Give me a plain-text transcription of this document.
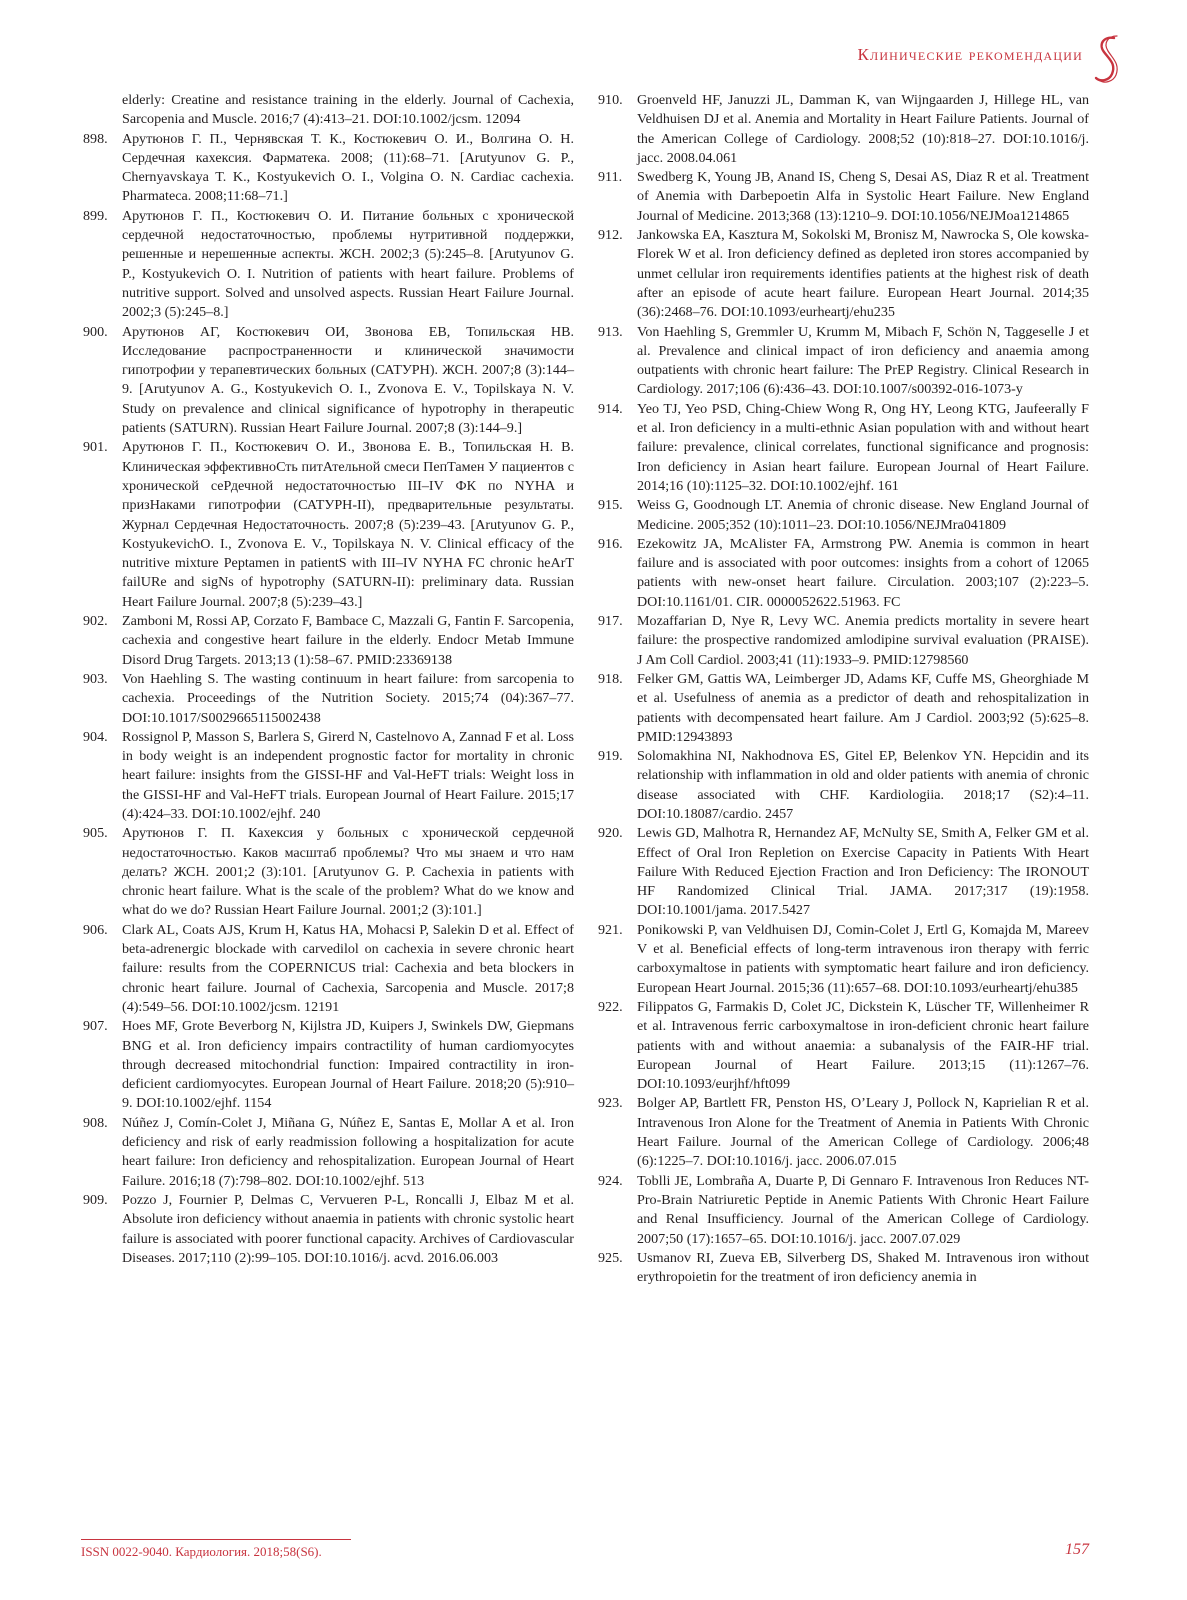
Клинические рекомендации

elderly: Creatine and resistance training in the elderly. Journal of Cachexia, Sarcopenia and Muscle. 2016;7 (4):413–21. DOI:10.1002/jcsm. 12094

898. Арутюнов Г. П., Чернявская Т. К., Костюкевич О. И., Волгина О. Н. Сердечная кахексия. Фарматека. 2008; (11):68–71. [Arutyunov G. P., Chernyavskaya T. K., Kostyukevich O. I., Volgina O. N. Cardiac cachexia. Pharmateca. 2008;11:68–71.]

899. Арутюнов Г. П., Костюкевич О. И. Питание больных с хронической сердечной недостаточностью, проблемы нутритивной поддержки, решенные и нерешенные аспекты. ЖСН. 2002;3 (5):245–8. [Arutyunov G. P., Kostyukevich O. I. Nutrition of patients with heart failure. Problems of nutritive support. Solved and unsolved aspects. Russian Heart Failure Journal. 2002;3 (5):245–8.]

900. Арутюнов АГ, Костюкевич ОИ, Звонова ЕВ, Топильская НВ. Исследование распространенности и клинической значимости гипотрофии у терапевтических больных (САТУРН). ЖСН. 2007;8 (3):144–9. [Arutyunov A. G., Kostyukevich O. I., Zvonova E. V., Topilskaya N. V. Study on prevalence and clinical significance of hypotrophy in therapeutic patients (SATURN). Russian Heart Failure Journal. 2007;8 (3):144–9.]

901. Арутюнов Г. П., Костюкевич О. И., Звонова Е. В., Топильская Н. В. Клиническая эффективноСть питАтельной смеси ПепТамен У пациентов с хронической сеРдечной недостаточностью III–IV ФК по NYHA и призНаками гипотрофии (САТУРН-II), предварительные результаты. Журнал Сердечная Недостаточность. 2007;8 (5):239–43. [Arutyunov G. P., KostyukevichO. I., Zvonova E. V., Topilskaya N. V. Clinical efficacy of the nutritive mixture Peptamen in patientS with III–IV NYHA FC chronic heArT failURe and sigNs of hypotrophy (SATURN-II): preliminary data. Russian Heart Failure Journal. 2007;8 (5):239–43.]

902. Zamboni M, Rossi AP, Corzato F, Bambace C, Mazzali G, Fantin F. Sarcopenia, cachexia and congestive heart failure in the elderly. Endocr Metab Immune Disord Drug Targets. 2013;13 (1):58–67. PMID:23369138

903. Von Haehling S. The wasting continuum in heart failure: from sarcopenia to cachexia. Proceedings of the Nutrition Society. 2015;74 (04):367–77. DOI:10.1017/S0029665115002438

904. Rossignol P, Masson S, Barlera S, Girerd N, Castelnovo A, Zannad F et al. Loss in body weight is an independent prognostic factor for mortality in chronic heart failure: insights from the GISSI-HF and Val-HeFT trials: Weight loss in the GISSI-HF and Val-HeFT trials. European Journal of Heart Failure. 2015;17 (4):424–33. DOI:10.1002/ejhf. 240

905. Арутюнов Г. П. Кахексия у больных с хронической сердечной недостаточностью. Каков масштаб проблемы? Что мы знаем и что нам делать? ЖСН. 2001;2 (3):101. [Arutyunov G. P. Cachexia in patients with chronic heart failure. What is the scale of the problem? What do we know and what do we do? Russian Heart Failure Journal. 2001;2 (3):101.]

906. Clark AL, Coats AJS, Krum H, Katus HA, Mohacsi P, Salekin D et al. Effect of beta-adrenergic blockade with carvedilol on cachexia in severe chronic heart failure: results from the COPERNICUS trial: Cachexia and beta blockers in chronic heart failure. Journal of Cachexia, Sarcopenia and Muscle. 2017;8 (4):549–56. DOI:10.1002/jcsm. 12191

907. Hoes MF, Grote Beverborg N, Kijlstra JD, Kuipers J, Swinkels DW, Giepmans BNG et al. Iron deficiency impairs contractility of human cardiomyocytes through decreased mitochondrial function: Impaired contractility in iron-deficient cardiomyocytes. European Journal of Heart Failure. 2018;20 (5):910–9. DOI:10.1002/ejhf. 1154

908. Núñez J, Comín-Colet J, Miñana G, Núñez E, Santas E, Mollar A et al. Iron deficiency and risk of early readmission following a hospitalization for acute heart failure: Iron deficiency and rehospitalization. European Journal of Heart Failure. 2016;18 (7):798–802. DOI:10.1002/ejhf. 513

909. Pozzo J, Fournier P, Delmas C, Vervueren P-L, Roncalli J, Elbaz M et al. Absolute iron deficiency without anaemia in patients with chronic systolic heart failure is associated with poorer functional capacity. Archives of Cardiovascular Diseases. 2017;110 (2):99–105. DOI:10.1016/j. acvd. 2016.06.003

910. Groenveld HF, Januzzi JL, Damman K, van Wijngaarden J, Hillege HL, van Veldhuisen DJ et al. Anemia and Mortality in Heart Failure Patients. Journal of the American College of Cardiology. 2008;52 (10):818–27. DOI:10.1016/j. jacc. 2008.04.061

911. Swedberg K, Young JB, Anand IS, Cheng S, Desai AS, Diaz R et al. Treatment of Anemia with Darbepoetin Alfa in Systolic Heart Failure. New England Journal of Medicine. 2013;368 (13):1210–9. DOI:10.1056/NEJMoa1214865

912. Jankowska EA, Kasztura M, Sokolski M, Bronisz M, Nawrocka S, Ole kowska-Florek W et al. Iron deficiency defined as depleted iron stores accompanied by unmet cellular iron requirements identifies patients at the highest risk of death after an episode of acute heart failure. European Heart Journal. 2014;35 (36):2468–76. DOI:10.1093/eurheartj/ehu235

913. Von Haehling S, Gremmler U, Krumm M, Mibach F, Schön N, Taggeselle J et al. Prevalence and clinical impact of iron deficiency and anaemia among outpatients with chronic heart failure: The PrEP Registry. Clinical Research in Cardiology. 2017;106 (6):436–43. DOI:10.1007/s00392-016-1073-y

914. Yeo TJ, Yeo PSD, Ching-Chiew Wong R, Ong HY, Leong KTG, Jaufeerally F et al. Iron deficiency in a multi-ethnic Asian population with and without heart failure: prevalence, clinical correlates, functional significance and prognosis: Iron deficiency in Asian heart failure. European Journal of Heart Failure. 2014;16 (10):1125–32. DOI:10.1002/ejhf. 161

915. Weiss G, Goodnough LT. Anemia of chronic disease. New England Journal of Medicine. 2005;352 (10):1011–23. DOI:10.1056/NEJMra041809

916. Ezekowitz JA, McAlister FA, Armstrong PW. Anemia is common in heart failure and is associated with poor outcomes: insights from a cohort of 12065 patients with new-onset heart failure. Circulation. 2003;107 (2):223–5. DOI:10.1161/01. CIR. 0000052622.51963. FC

917. Mozaffarian D, Nye R, Levy WC. Anemia predicts mortality in severe heart failure: the prospective randomized amlodipine survival evaluation (PRAISE). J Am Coll Cardiol. 2003;41 (11):1933–9. PMID:12798560

918. Felker GM, Gattis WA, Leimberger JD, Adams KF, Cuffe MS, Gheorghiade M et al. Usefulness of anemia as a predictor of death and rehospitalization in patients with decompensated heart failure. Am J Cardiol. 2003;92 (5):625–8. PMID:12943893

919. Solomakhina NI, Nakhodnova ES, Gitel EP, Belenkov YN. Hepcidin and its relationship with inflammation in old and older patients with anemia of chronic disease associated with CHF. Kardiologiia. 2018;17 (S2):4–11. DOI:10.18087/cardio. 2457

920. Lewis GD, Malhotra R, Hernandez AF, McNulty SE, Smith A, Felker GM et al. Effect of Oral Iron Repletion on Exercise Capacity in Patients With Heart Failure With Reduced Ejection Fraction and Iron Deficiency: The IRONOUT HF Randomized Clinical Trial. JAMA. 2017;317 (19):1958. DOI:10.1001/jama. 2017.5427

921. Ponikowski P, van Veldhuisen DJ, Comin-Colet J, Ertl G, Komajda M, Mareev V et al. Beneficial effects of long-term intravenous iron therapy with ferric carboxymaltose in patients with symptomatic heart failure and iron deficiency. European Heart Journal. 2015;36 (11):657–68. DOI:10.1093/eurheartj/ehu385

922. Filippatos G, Farmakis D, Colet JC, Dickstein K, Lüscher TF, Willenheimer R et al. Intravenous ferric carboxymaltose in iron-deficient chronic heart failure patients with and without anaemia: a subanalysis of the FAIR-HF trial. European Journal of Heart Failure. 2013;15 (11):1267–76. DOI:10.1093/eurjhf/hft099

923. Bolger AP, Bartlett FR, Penston HS, O’Leary J, Pollock N, Kaprielian R et al. Intravenous Iron Alone for the Treatment of Anemia in Patients With Chronic Heart Failure. Journal of the American College of Cardiology. 2006;48 (6):1225–7. DOI:10.1016/j. jacc. 2006.07.015

924. Toblli JE, Lombraña A, Duarte P, Di Gennaro F. Intravenous Iron Reduces NT-Pro-Brain Natriuretic Peptide in Anemic Patients With Chronic Heart Failure and Renal Insufficiency. Journal of the American College of Cardiology. 2007;50 (17):1657–65. DOI:10.1016/j. jacc. 2007.07.029

925. Usmanov RI, Zueva EB, Silverberg DS, Shaked M. Intravenous iron without erythropoietin for the treatment of iron deficiency anemia in

ISSN 0022-9040. Кардиология. 2018;58(S6).	157
